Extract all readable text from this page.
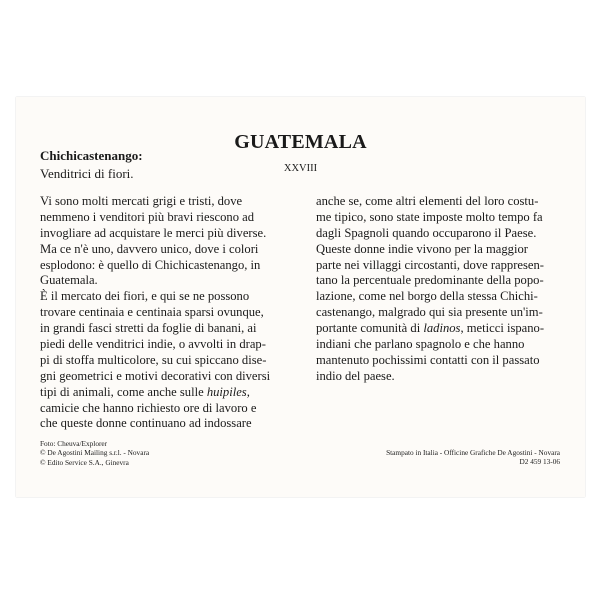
GUATEMALA
XXVIII
Chichicastenango:
Venditrici di fiori.
Vi sono molti mercati grigi e tristi, dove
nemmeno i venditori più bravi riescono ad
invogliare ad acquistare le merci più diverse.
Ma ce n'è uno, davvero unico, dove i colori
esplodono: è quello di Chichicastenango, in
Guatemala.
È il mercato dei fiori, e qui se ne possono
trovare centinaia e centinaia sparsi ovunque,
in grandi fasci stretti da foglie di banani, ai
piedi delle venditrici indie, o avvolti in drap-
pi di stoffa multicolore, su cui spiccano dise-
gni geometrici e motivi decorativi con diversi
tipi di animali, come anche sulle huipiles,
camicie che hanno richiesto ore di lavoro e
che queste donne continuano ad indossare
anche se, come altri elementi del loro costu-
me tipico, sono state imposte molto tempo fa
dagli Spagnoli quando occuparono il Paese.
Queste donne indie vivono per la maggior
parte nei villaggi circostanti, dove rappresen-
tano la percentuale predominante della popo-
lazione, come nel borgo della stessa Chichi-
castenango, malgrado qui sia presente un'im-
portante comunità di ladinos, meticci ispano-
indiani che parlano spagnolo e che hanno
mantenuto pochissimi contatti con il passato
indio del paese.
Foto: Cheuva/Explorer
© De Agostini Mailing s.r.l. - Novara
© Edito Service S.A., Ginevra
Stampato in Italia - Officine Grafiche De Agostini - Novara
D2 459 13-06
